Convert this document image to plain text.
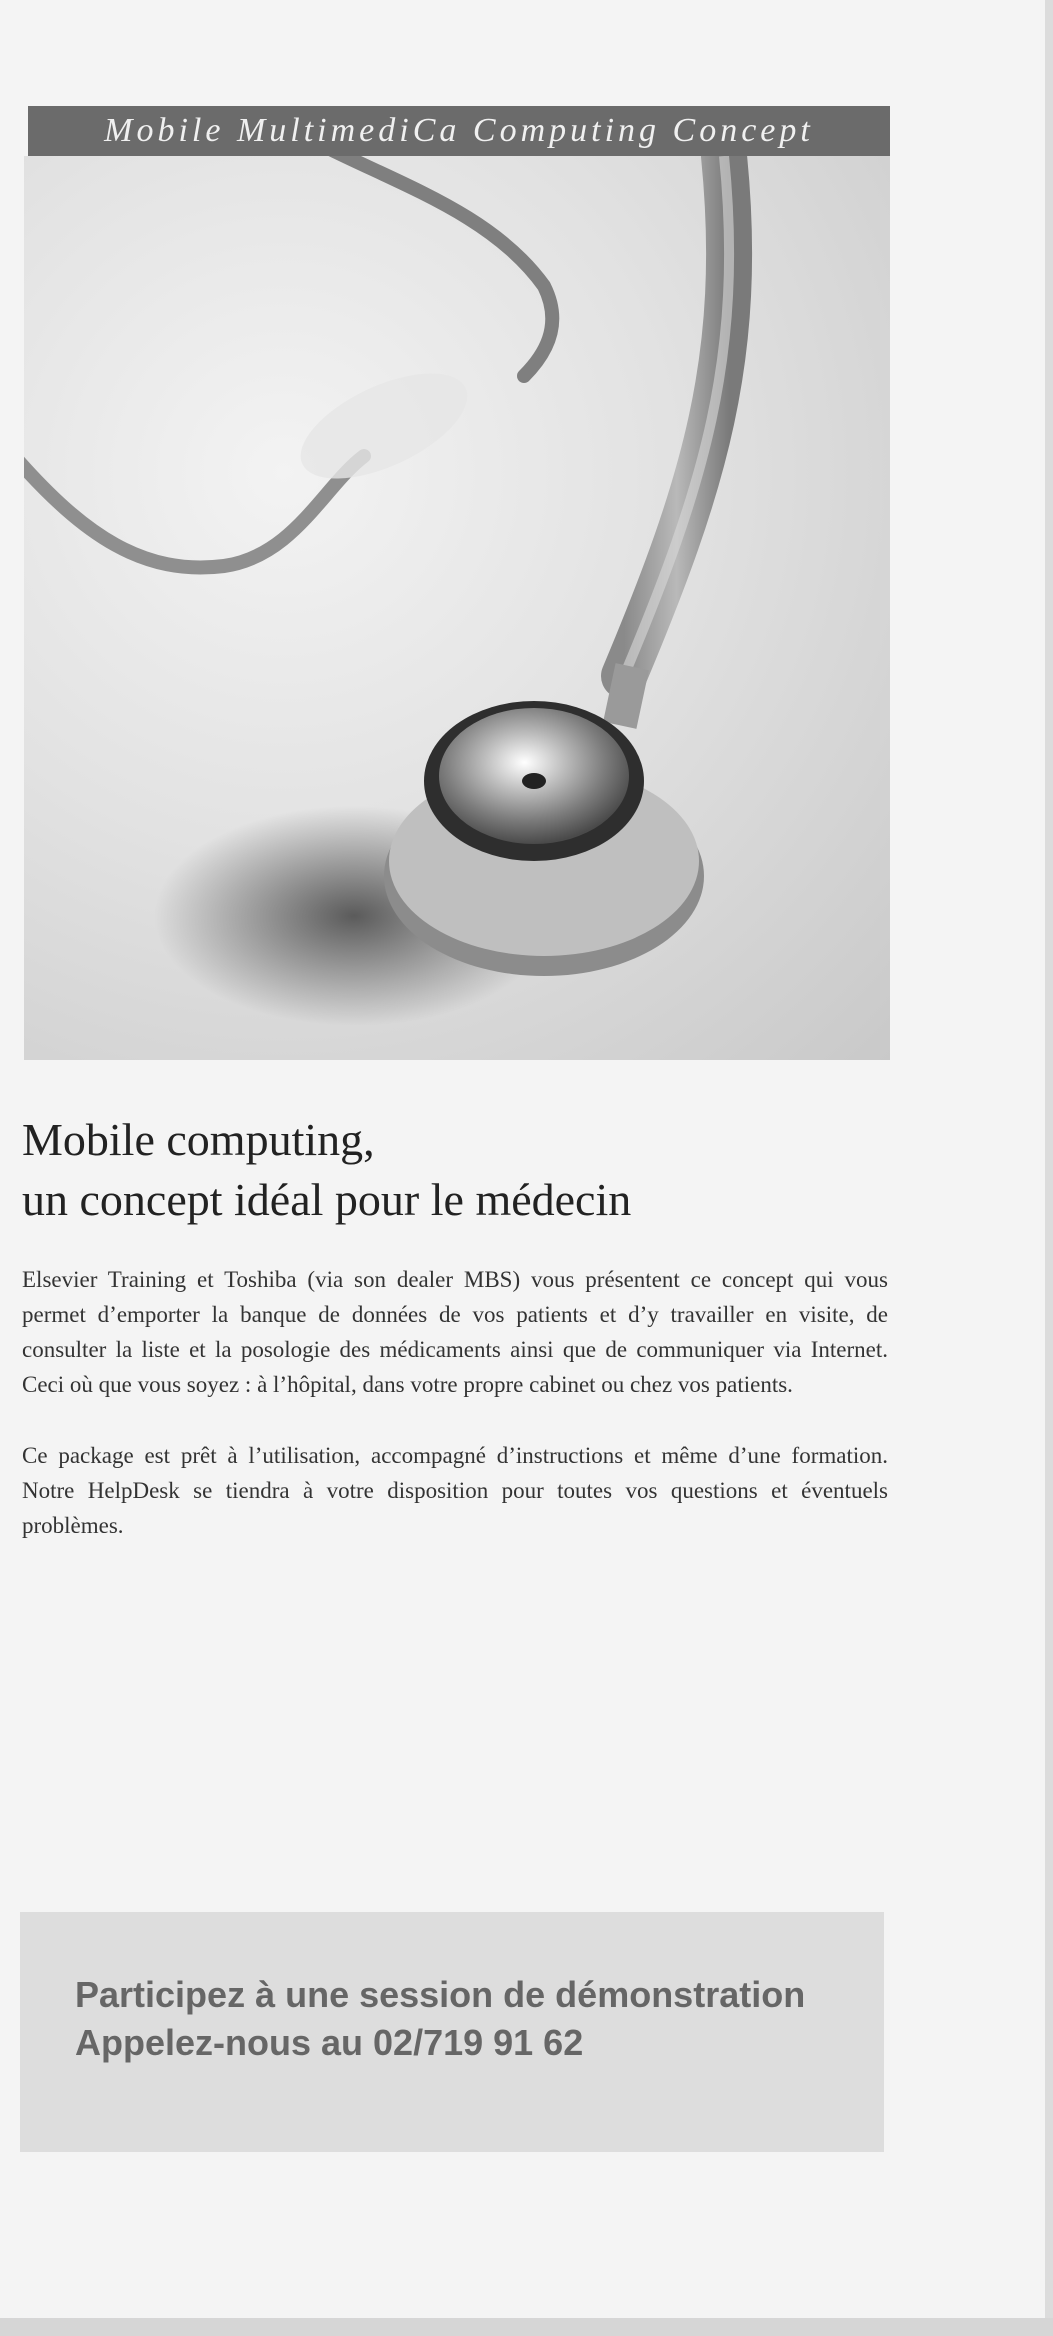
Mobile MultimediCa Computing Concept
Mobile computing,
un concept idéal pour le médecin

Elsevier Training et Toshiba (via son dealer MBS) vous présentent ce concept qui vous permet d’emporter la banque de données de vos patients et d’y travailler en visite, de consulter la liste et la posologie des médicaments ainsi que de communiquer via Internet. Ceci où que vous soyez : à l’hôpital, dans votre propre cabinet ou chez vos patients.

Ce package est prêt à l’utilisation, accompagné d’instructions et même d’une formation. Notre HelpDesk se tiendra à votre disposition pour toutes vos questions et éventuels problèmes.

Participez à une session de démonstration
Appelez-nous au 02/719 91 62
